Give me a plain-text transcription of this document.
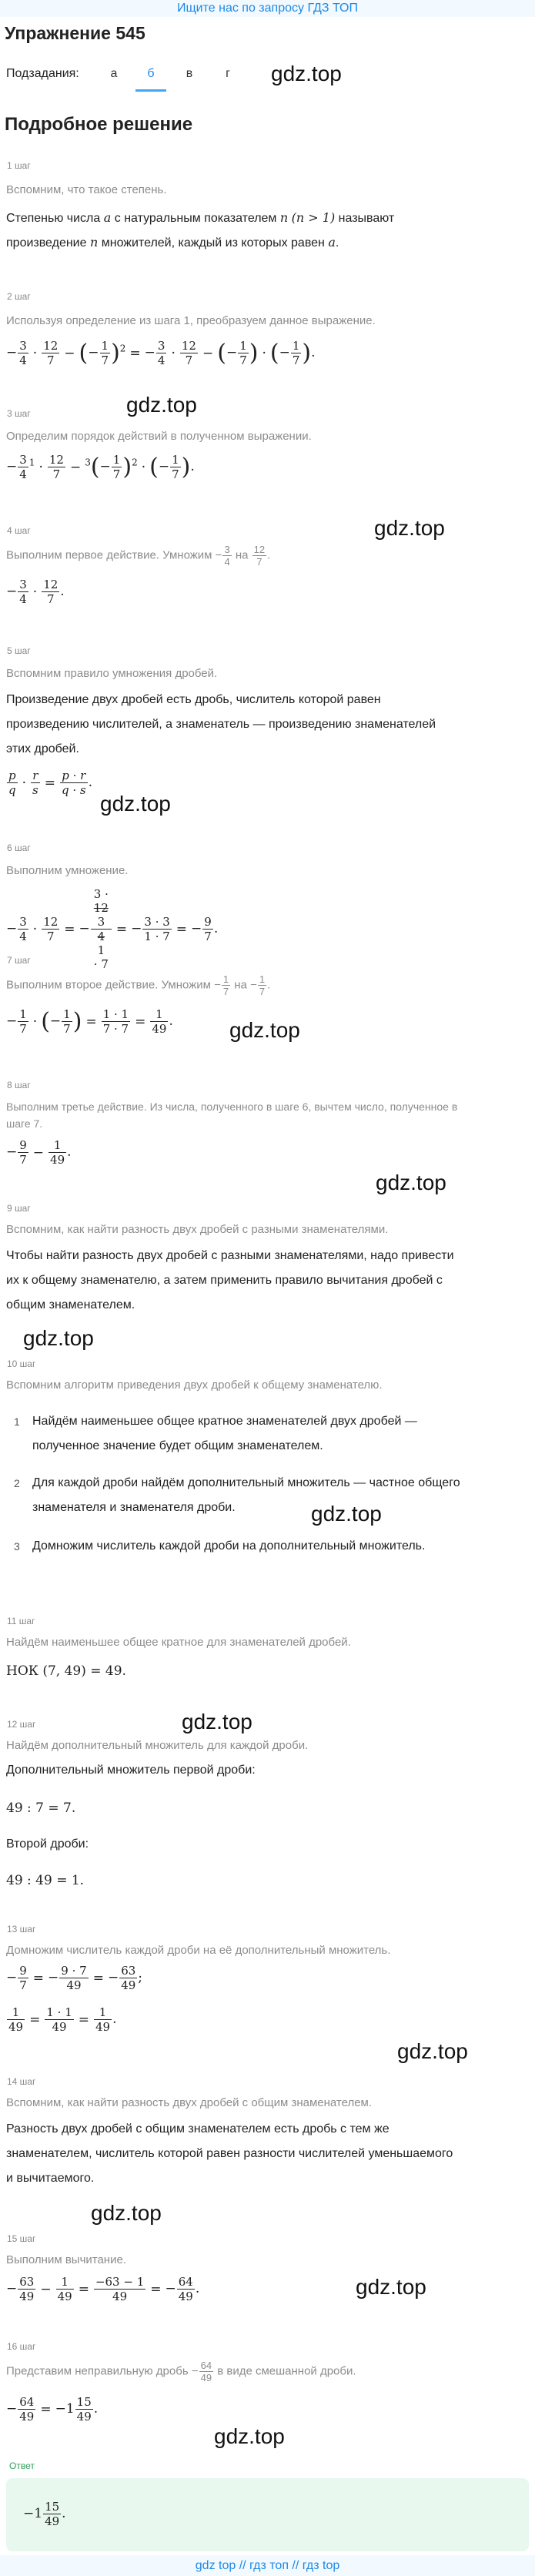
Ищите нас по запросу ГДЗ ТОП
Упражнение 545
Подзадания:	а	б	в	г	gdz.top
Подробное решение
1 шаг
Вспомним, что такое степень.
Степенью числа a с натуральным показателем n (n > 1) называют
произведение n множителей, каждый из которых равен a.
2 шаг
Используя определение из шага 1, преобразуем данное выражение.
− $\frac{3}{4} \cdot \frac{12}{7}$ − (− $\frac{1}{7} )^2$ = − $\frac{3}{4} \cdot \frac{12}{7}$ − (− $\frac{1}{7}$ ) · (− $\frac{1}{7}$ ).
gdz.top
3 шаг
Определим порядок действий в полученном выражении.
− $\frac{3}{4} ^1 \cdot \frac{12}{7} - ^3(- \frac{1}{7} )^2$ · (− $\frac{1}{7}$ ).
gdz.top
4 шаг
Выполним первое действие. Умножим − $\frac{3}{4}$ на $\frac{12}{7}$ .
− $\frac{3}{4} \cdot \frac{12}{7}$ .
5 шаг
Вспомним правило умножения дробей.
Произведение двух дробей есть дробь, числитель которой равен
произведению числителей, а знаменатель — произведению знаменателей
этих дробей.
$\frac{p}{q} \cdot \frac{r}{s} = \frac{p \cdot r}{q \cdot s}$ .
gdz.top
6 шаг
Выполним умножение.
− $\frac{3}{4} \cdot \frac{12}{7}$ = − 3 ·
12
3
4
1
· 7 = − $\frac{3 \cdot 3}{1 \cdot 7}$ = − $\frac{9}{7}$ .
7 шаг
Выполним второе действие. Умножим − $\frac{1}{7}$ на − $\frac{1}{7}$ .
− $\frac{1}{7}$ · (− $\frac{1}{7}$ ) = $\frac{1 \cdot 1}{7 \cdot 7} = \frac{1}{49}$ .	gdz.top
8 шаг
Выполним третье действие. Из числа, полученного в шаге 6, вычтем число, полученное в
шаге 7.
− $\frac{9}{7} - \frac{1}{49}$ .
gdz.top
9 шаг
Вспомним, как найти разность двух дробей с разными знаменателями.
Чтобы найти разность двух дробей с разными знаменателями, надо привести
их к общему знаменателю, а затем применить правило вычитания дробей с
общим знаменателем.
gdz.top
10 шаг
Вспомним алгоритм приведения двух дробей к общему знаменателю.
1 Найдём наименьшее общее кратное знаменателей двух дробей —
полученное значение будет общим знаменателем.
2 Для каждой дроби найдём дополнительный множитель — частное общего
знаменателя и знаменателя дроби.	gdz.top
3 Домножим числитель каждой дроби на дополнительный множитель.
11 шаг
Найдём наименьшее общее кратное для знаменателей дробей.
НОК (7, 49) = 49.
gdz.top
12 шаг
Найдём дополнительный множитель для каждой дроби.
Дополнительный множитель первой дроби:
49 : 7 = 7.
Второй дроби:
49 : 49 = 1.
13 шаг
Домножим числитель каждой дроби на её дополнительный множитель.
− $\frac{9}{7}$ = − $\frac{9 \cdot 7}{49}$ = − $\frac{63}{49}$ ;
$\frac{1}{49} = \frac{1 \cdot 1}{49} = \frac{1}{49}$ .
gdz.top
14 шаг
Вспомним, как найти разность двух дробей с общим знаменателем.
Разность двух дробей с общим знаменателем есть дробь с тем же
знаменателем, числитель которой равен разности числителей уменьшаемого
и вычитаемого.
gdz.top
15 шаг
Выполним вычитание.
− $\frac{63}{49} - \frac{1}{49} = \frac{-63 - 1}{49}$ = − $\frac{64}{49}$ .	gdz.top
16 шаг
Представим неправильную дробь − $\frac{64}{49}$ в виде смешанной дроби.
− $\frac{64}{49} = -1 \frac{15}{49}$ .
gdz.top
Ответ
$-1 \frac{15}{49}$ .
gdz top // гдз топ // гдз top
